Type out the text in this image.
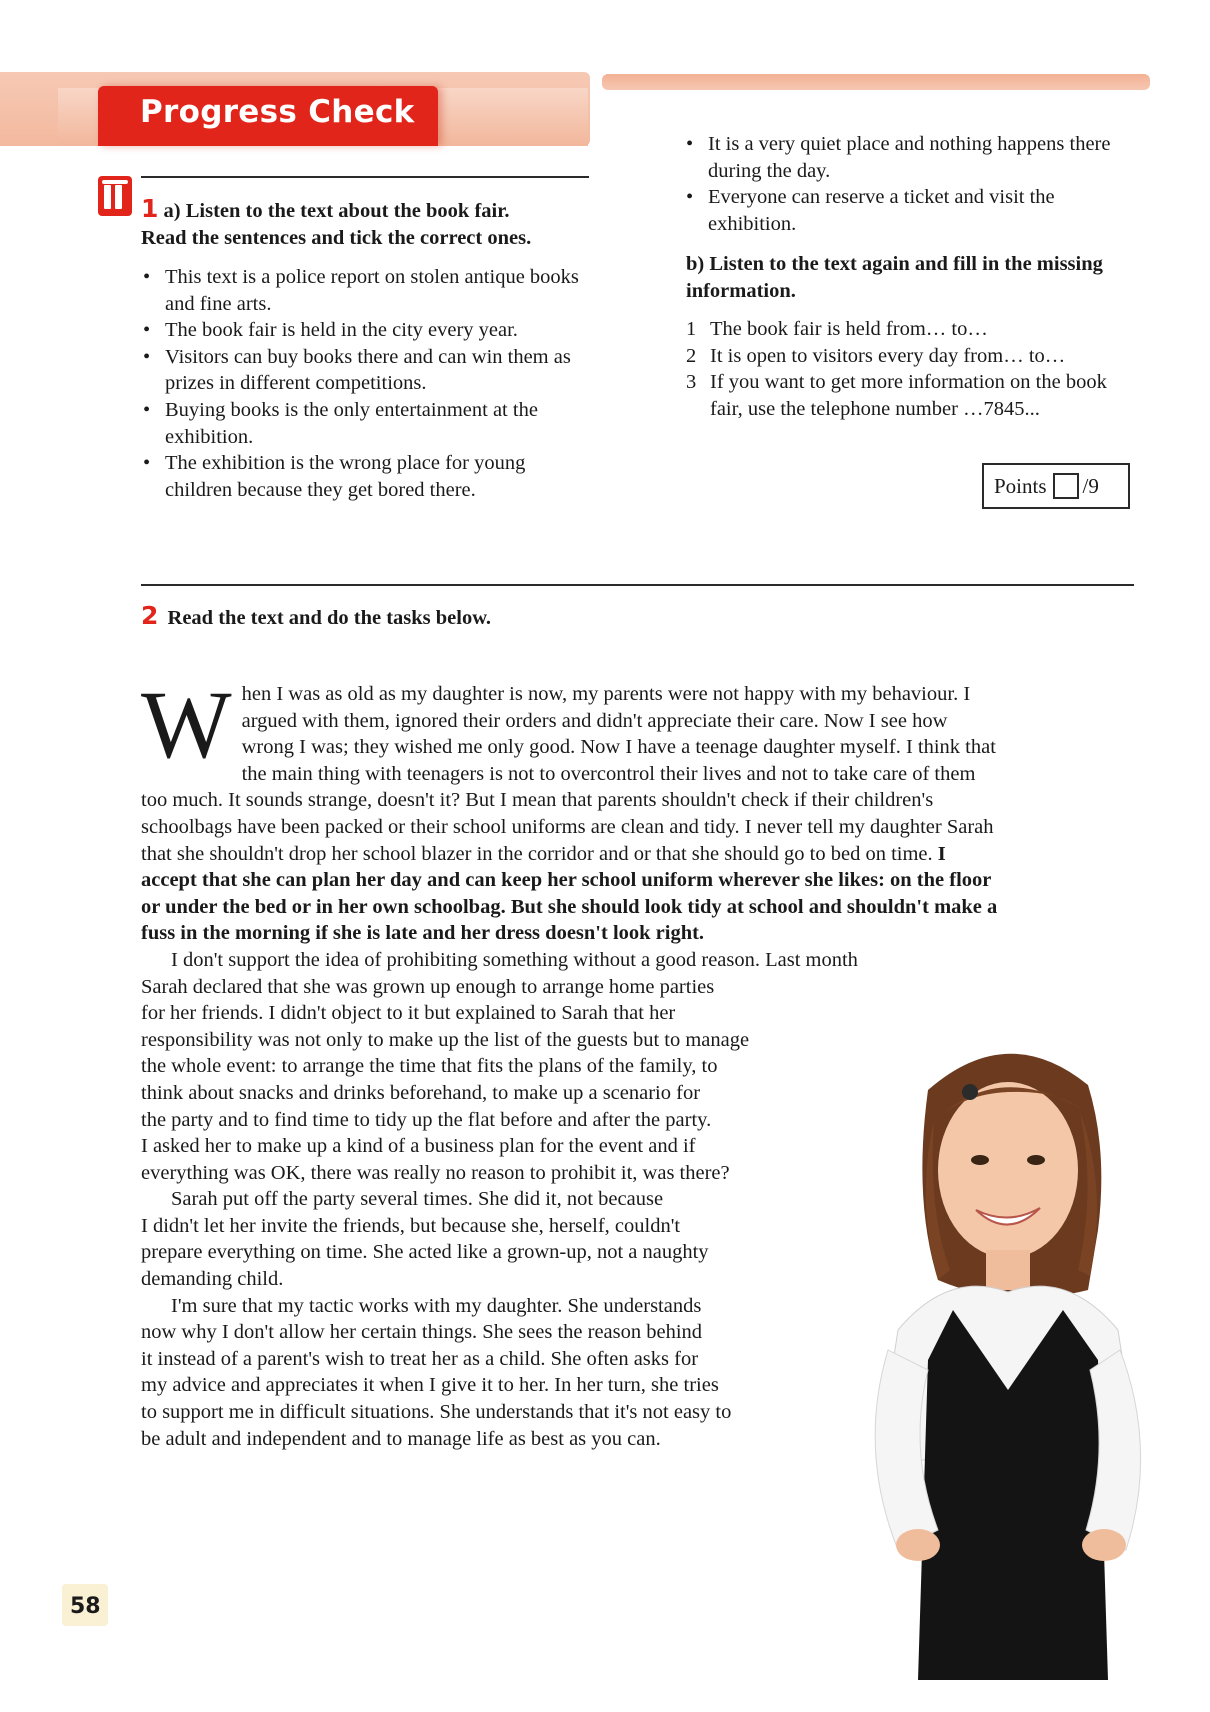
Progress Check
1 a) Listen to the text about the book fair.
Read the sentences and tick the correct ones.
• This text is a police report on stolen antique books and fine arts.
• The book fair is held in the city every year.
• Visitors can buy books there and can win them as prizes in different competitions.
• Buying books is the only entertainment at the exhibition.
• The exhibition is the wrong place for young children because they get bored there.
• It is a very quiet place and nothing happens there during the day.
• Everyone can reserve a ticket and visit the exhibition.
b) Listen to the text again and fill in the missing information.
1 The book fair is held from… to…
2 It is open to visitors every day from… to…
3 If you want to get more information on the book fair, use the telephone number …7845...
Points /9
2 Read the text and do the tasks below.

When I was as old as my daughter is now, my parents were not happy with my behaviour. I argued with them, ignored their orders and didn't appreciate their care. Now I see how wrong I was; they wished me only good. Now I have a teenage daughter myself. I think that the main thing with teenagers is not to overcontrol their lives and not to take care of them too much. It sounds strange, doesn't it? But I mean that parents shouldn't check if their children's schoolbags have been packed or their school uniforms are clean and tidy. I never tell my daughter Sarah that she shouldn't drop her school blazer in the corridor and or that she should go to bed on time. I accept that she can plan her day and can keep her school uniform wherever she likes: on the floor or under the bed or in her own schoolbag. But she should look tidy at school and shouldn't make a fuss in the morning if she is late and her dress doesn't look right.

I don't support the idea of prohibiting something without a good reason. Last month
Sarah declared that she was grown up enough to arrange home parties
for her friends. I didn't object to it but explained to Sarah that her
responsibility was not only to make up the list of the guests but to manage
the whole event: to arrange the time that fits the plans of the family, to
think about snacks and drinks beforehand, to make up a scenario for
the party and to find time to tidy up the flat before and after the party.
I asked her to make up a kind of a business plan for the event and if
everything was OK, there was really no reason to prohibit it, was there?

Sarah put off the party several times. She did it, not because
I didn't let her invite the friends, but because she, herself, couldn't
prepare everything on time. She acted like a grown-up, not a naughty
demanding child.

I'm sure that my tactic works with my daughter. She understands
now why I don't allow her certain things. She sees the reason behind
it instead of a parent's wish to treat her as a child. She often asks for
my advice and appreciates it when I give it to her. In her turn, she tries
to support me in difficult situations. She understands that it's not easy to
be adult and independent and to manage life as best as you can.

58
